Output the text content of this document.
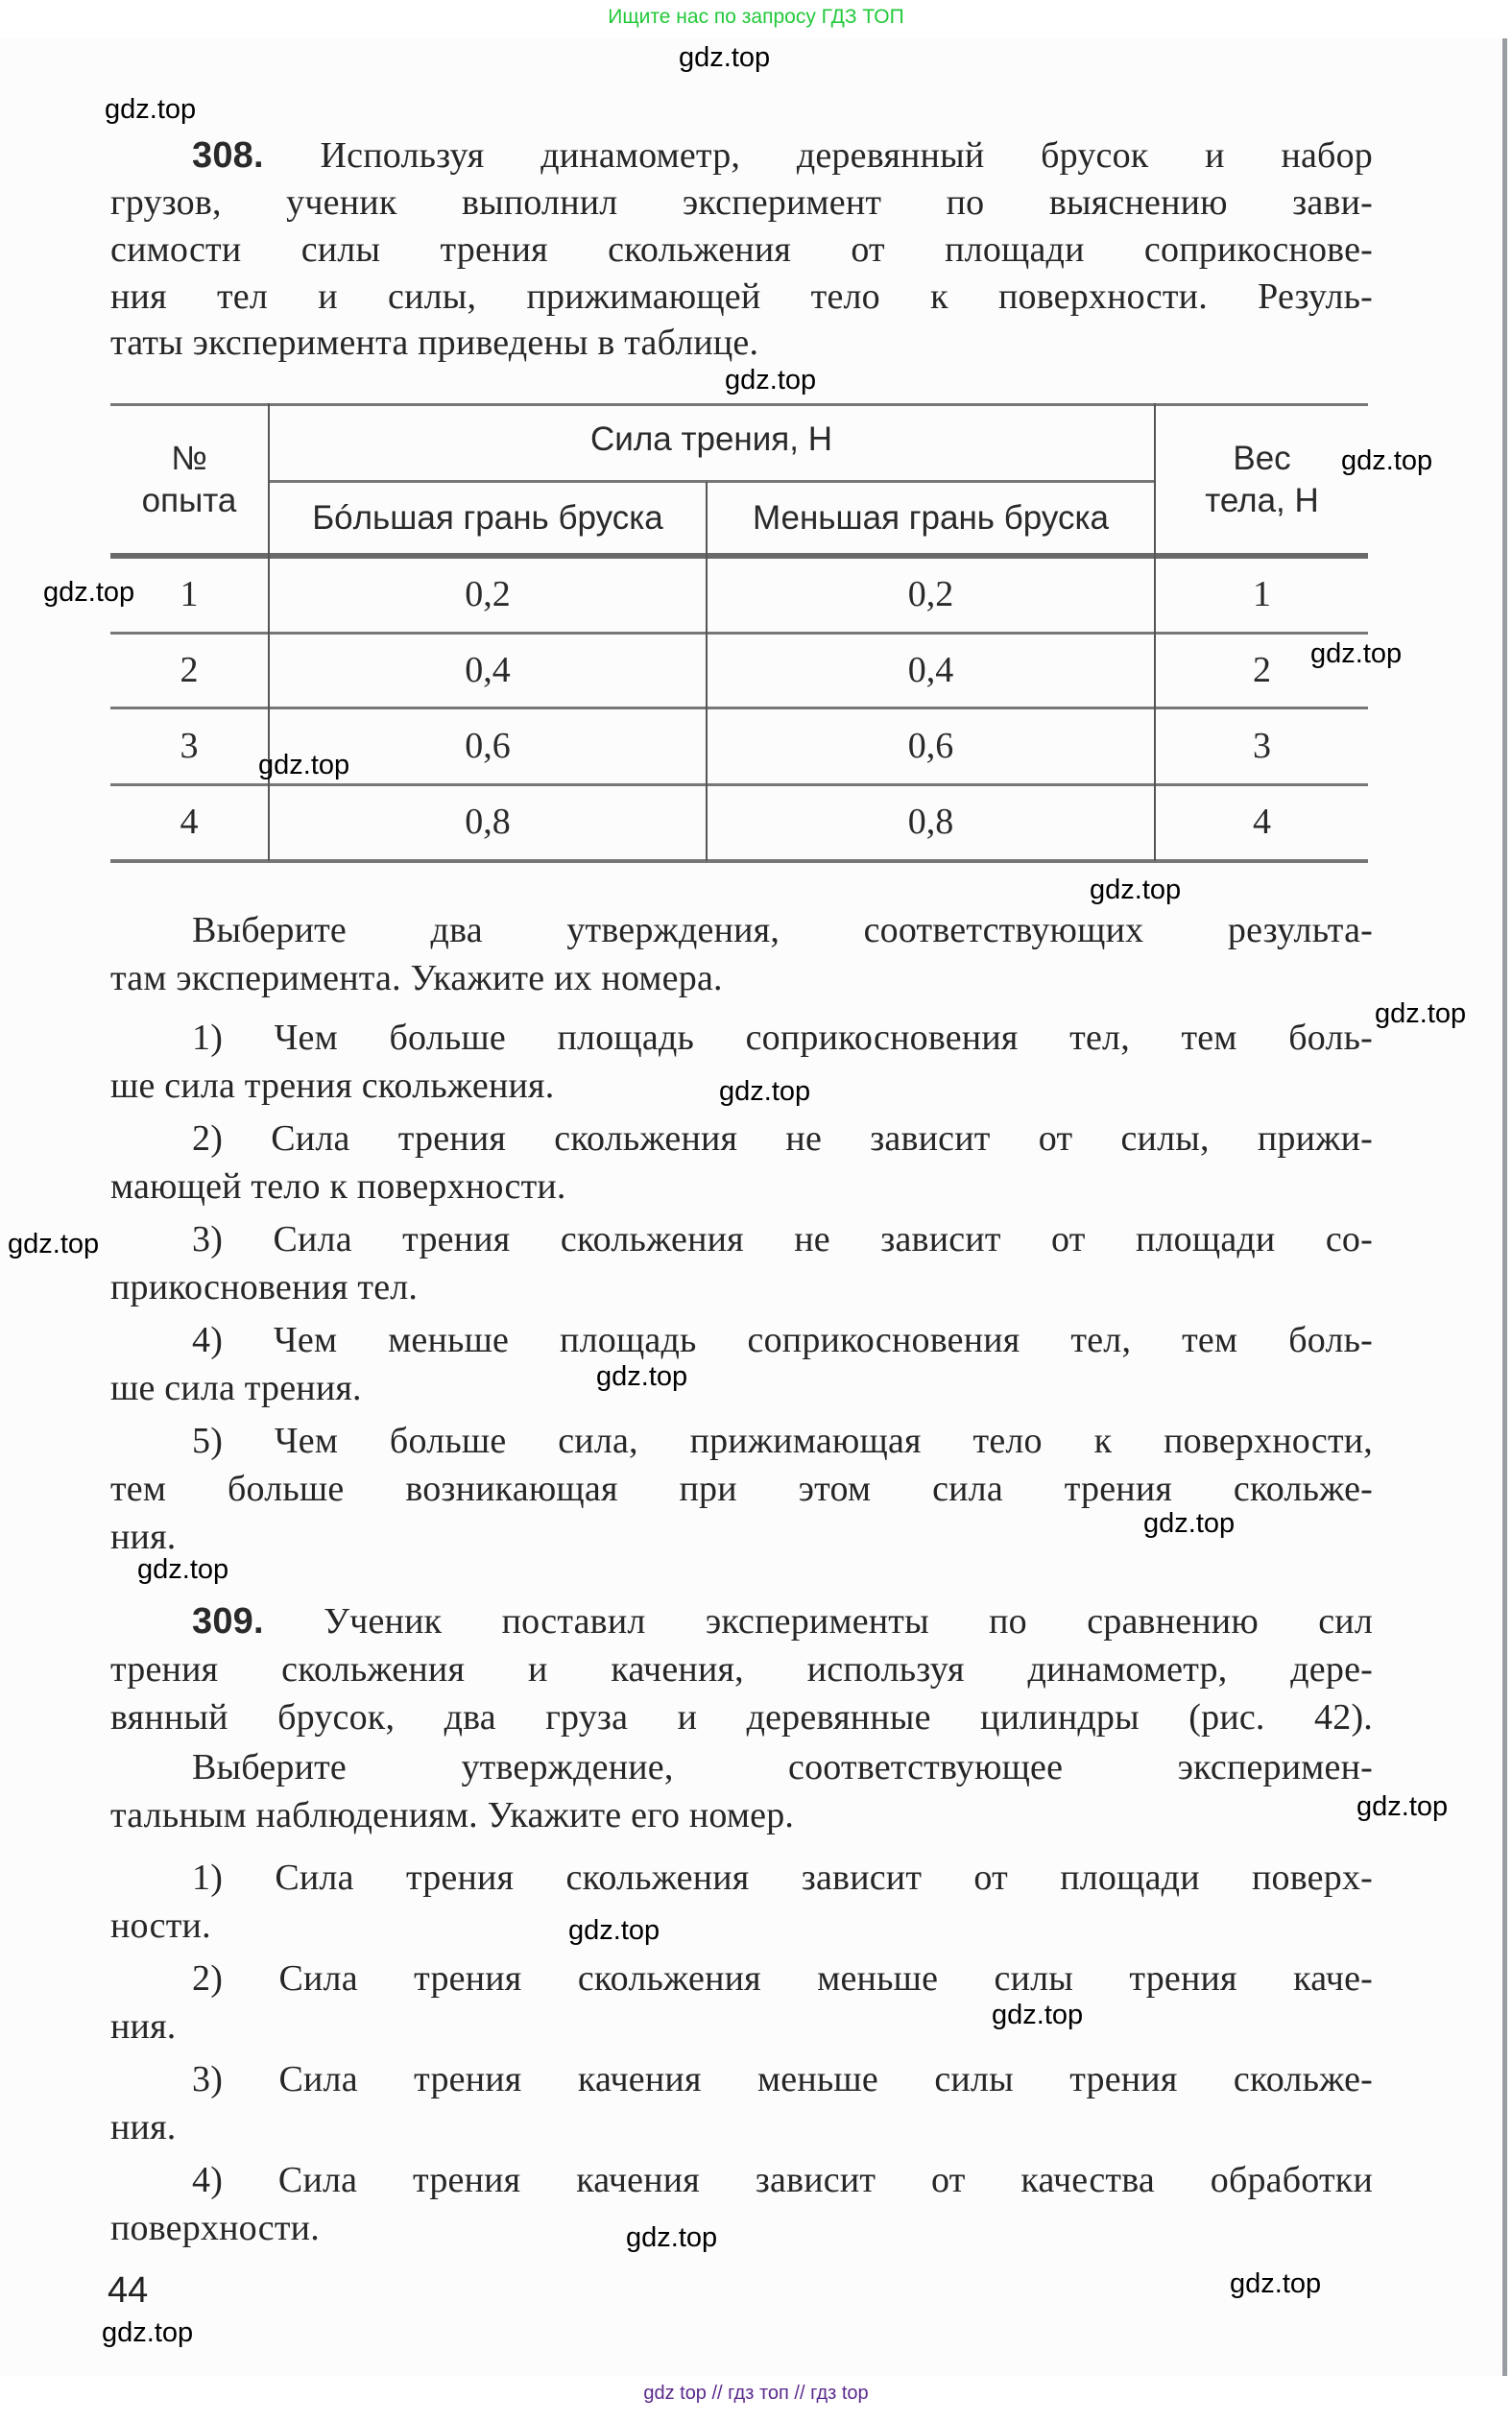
Ищите нас по запросу ГДЗ ТОП
308. Используя динамометр, деревянный брусок и набор
грузов, ученик выполнил эксперимент по выяснению зави-
симости силы трения скольжения от площади соприкоснове-
ния тел и силы, прижимающей тело к поверхности. Резуль-
таты эксперимента приведены в таблице.
№
опыта
Сила трения, Н
Бóльшая грань бруска	Меньшая грань бруска
Вес
тела, Н
1	0,2	0,2	1
2	0,4	0,4	2
3	0,6	0,6	3
4	0,8	0,8	4
Выберите два утверждения, соответствующих результа-
там эксперимента. Укажите их номера.
1) Чем больше площадь соприкосновения тел, тем боль-
ше сила трения скольжения.
2) Сила трения скольжения не зависит от силы, прижи-
мающей тело к поверхности.
3) Сила трения скольжения не зависит от площади со-
прикосновения тел.
4) Чем меньше площадь соприкосновения тел, тем боль-
ше сила трения.
5) Чем больше сила, прижимающая тело к поверхности,
тем больше возникающая при этом сила трения скольже-
ния.
309. Ученик поставил эксперименты по сравнению сил
трения скольжения и качения, используя динамометр, дере-
вянный брусок, два груза и деревянные цилиндры (рис. 42).
Выберите утверждение, соответствующее эксперимен-
тальным наблюдениям. Укажите его номер.
1) Сила трения скольжения зависит от площади поверх-
ности.
2) Сила трения скольжения меньше силы трения каче-
ния.
3) Сила трения качения меньше силы трения скольже-
ния.
4) Сила трения качения зависит от качества обработки
поверхности.
44
gdz.top
gdz.top
gdz.top
gdz.top
gdz.top
gdz.top
gdz.top
gdz.top
gdz.top
gdz.top
gdz.top
gdz.top
gdz.top
gdz.top
gdz.top
gdz.top
gdz.top
gdz.top
gdz.top
gdz.top
gdz top // гдз топ // гдз top
